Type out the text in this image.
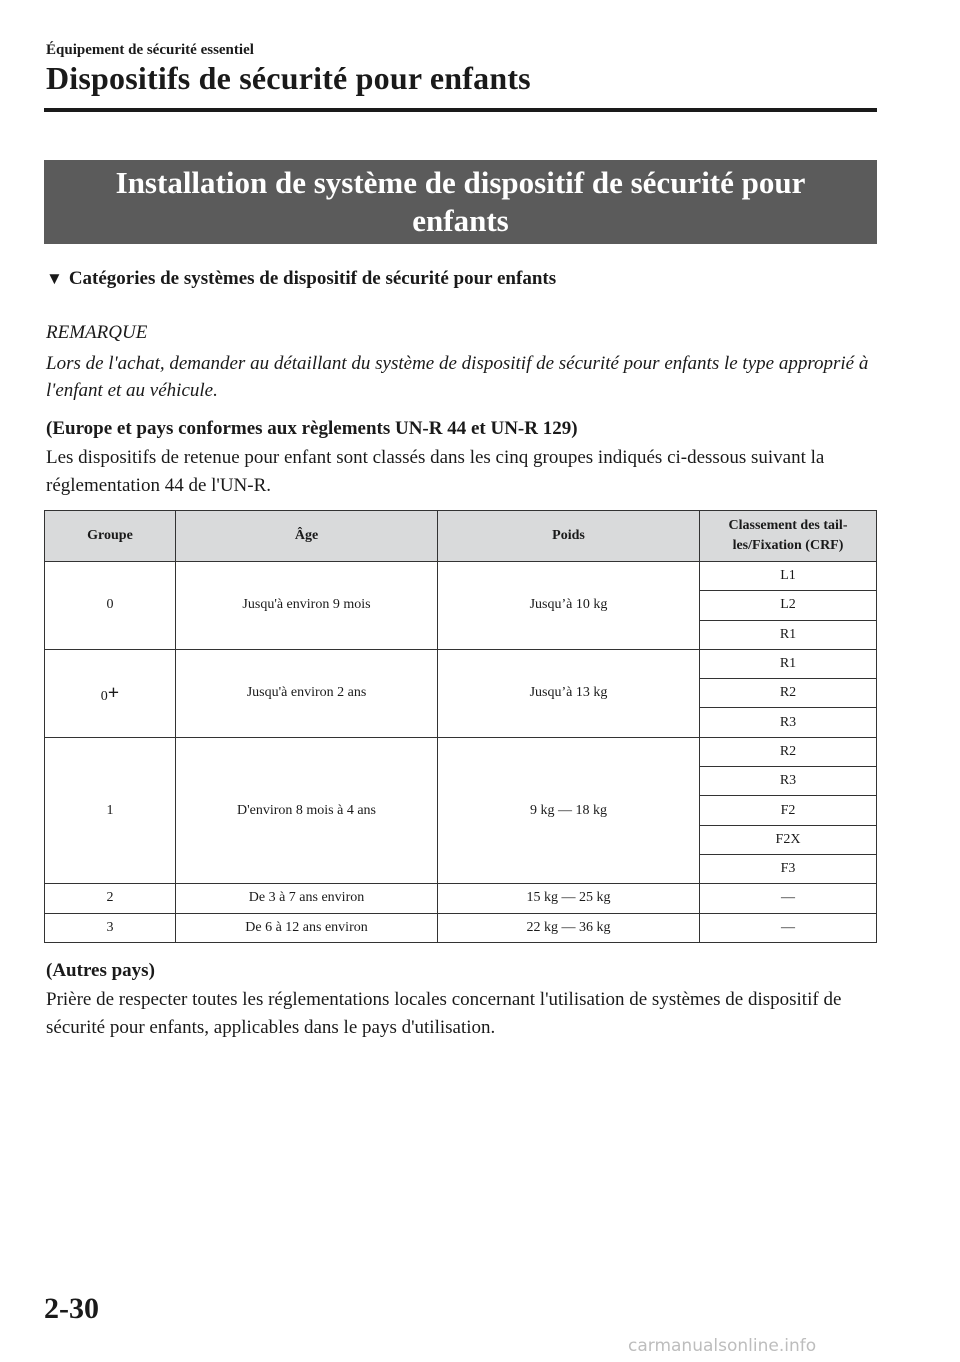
Équipement de sécurité essentiel
Dispositifs de sécurité pour enfants
Installation de système de dispositif de sécurité pour enfants
▼ Catégories de systèmes de dispositif de sécurité pour enfants
REMARQUE
Lors de l'achat, demander au détaillant du système de dispositif de sécurité pour enfants le type approprié à l'enfant et au véhicule.
(Europe et pays conformes aux règlements UN-R 44 et UN-R 129)
Les dispositifs de retenue pour enfant sont classés dans les cinq groupes indiqués ci-dessous suivant la réglementation 44 de l'UN-R.
Groupe	Âge	Poids	Classement des tail-les/Fixation (CRF)
0	Jusqu'à environ 9 mois	Jusqu’à 10 kg	L1
			L2
			R1
0+	Jusqu'à environ 2 ans	Jusqu’à 13 kg	R1
			R2
			R3
1	D'environ 8 mois à 4 ans	9 kg — 18 kg	R2
			R3
			F2
			F2X
			F3
2	De 3 à 7 ans environ	15 kg — 25 kg	—
3	De 6 à 12 ans environ	22 kg — 36 kg	—
(Autres pays)
Prière de respecter toutes les réglementations locales concernant l'utilisation de systèmes de dispositif de sécurité pour enfants, applicables dans le pays d'utilisation.
2-30
carmanualsonline.info
